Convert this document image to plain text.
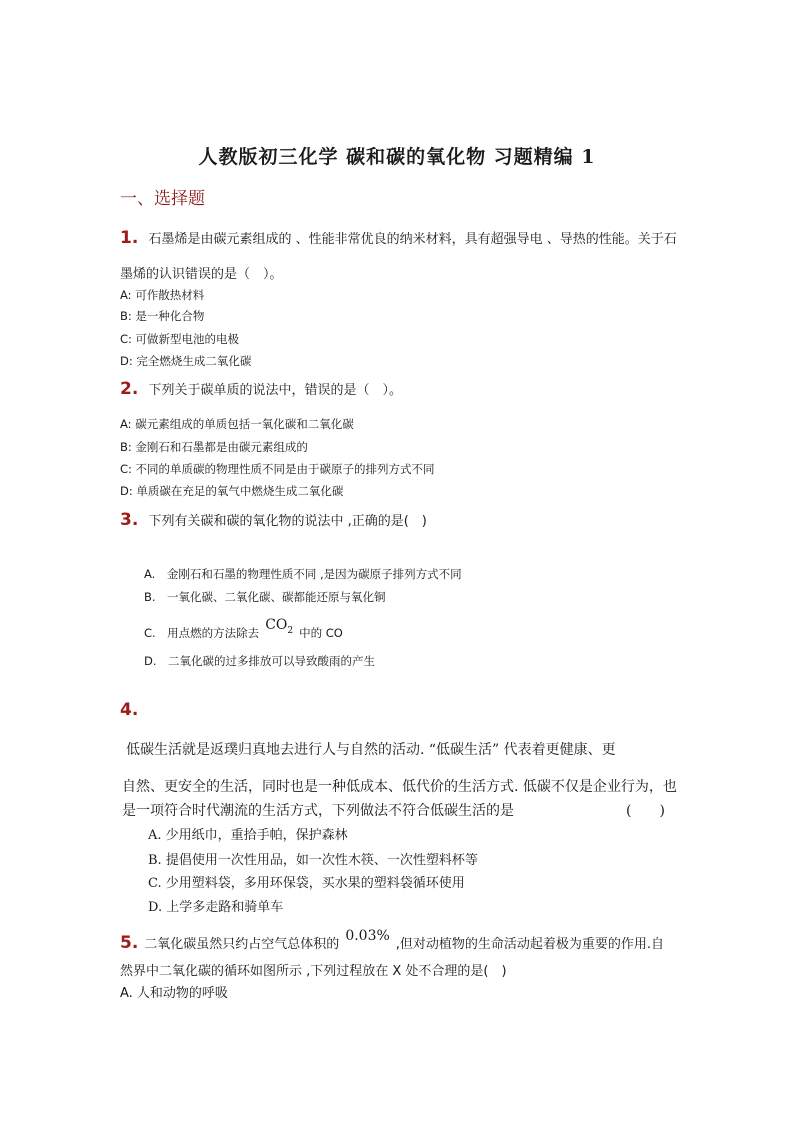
人教版初三化学 碳和碳的氧化物 习题精编 1
一、选择题
1. 石墨烯是由碳元素组成的 、性能非常优良的纳米材料，具有超强导电 、导热的性能。关于石
墨烯的认识错误的是（　）。
A: 可作散热材料
B: 是一种化合物
C: 可做新型电池的电极
D: 完全燃烧生成二氧化碳
2. 下列关于碳单质的说法中，错误的是（　）。
A: 碳元素组成的单质包括一氧化碳和二氧化碳
B: 金刚石和石墨都是由碳元素组成的
C: 不同的单质碳的物理性质不同是由于碳原子的排列方式不同
D: 单质碳在充足的氧气中燃烧生成二氧化碳
3. 下列有关碳和碳的氧化物的说法中 ,正确的是(　)
A.　金刚石和石墨的物理性质不同 ,是因为碳原子排列方式不同
B.　一氧化碳、二氧化碳、碳都能还原与氧化铜
C.　用点燃的方法除去 $CO_2$ 中的 CO
D.　二氧化碳的过多排放可以导致酸雨的产生
4.
低碳生活就是返璞归真地去进行人与自然的活动. “低碳生活” 代表着更健康、更
自然、更安全的生活，同时也是一种低成本、低代价的生活方式. 低碳不仅是企业行为，也
是一项符合时代潮流的生活方式，下列做法不符合低碳生活的是	(　　)
A. 少用纸巾，重拾手帕，保护森林
B. 提倡使用一次性用品，如一次性木筷、一次性塑料杯等
C. 少用塑料袋，多用环保袋，买水果的塑料袋循环使用
D. 上学多走路和骑单车
5. 二氧化碳虽然只约占空气总体积的0.03%,但对动植物的生命活动起着极为重要的作用.自
然界中二氧化碳的循环如图所示 ,下列过程放在 X 处不合理的是(　)
A. 人和动物的呼吸
